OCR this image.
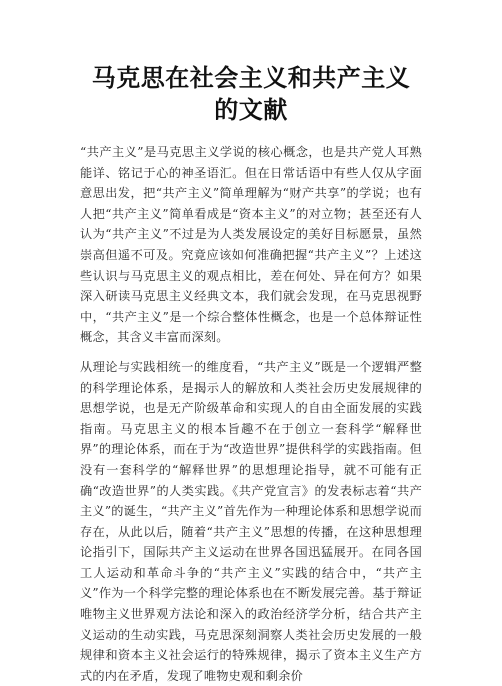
马克思在社会主义和共产主义的文献

“共产主义”是马克思主义学说的核心概念，也是共产党人耳熟能详、铭记于心的神圣语汇。但在日常话语中有些人仅从字面意思出发，把“共产主义”简单理解为“财产共享”的学说；也有人把“共产主义”简单看成是“资本主义”的对立物；甚至还有人认为“共产主义”不过是为人类发展设定的美好目标愿景，虽然崇高但遥不可及。究竟应该如何准确把握“共产主义”？上述这些认识与马克思主义的观点相比，差在何处、异在何方？如果深入研读马克思主义经典文本，我们就会发现，在马克思视野中，“共产主义”是一个综合整体性概念，也是一个总体辩证性概念，其含义丰富而深刻。

从理论与实践相统一的维度看，“共产主义”既是一个逻辑严整的科学理论体系，是揭示人的解放和人类社会历史发展规律的思想学说，也是无产阶级革命和实现人的自由全面发展的实践指南。马克思主义的根本旨趣不在于创立一套科学“解释世界”的理论体系，而在于为“改造世界”提供科学的实践指南。但没有一套科学的“解释世界”的思想理论指导，就不可能有正确“改造世界”的人类实践。《共产党宣言》的发表标志着“共产主义”的诞生，“共产主义”首先作为一种理论体系和思想学说而存在，从此以后，随着“共产主义”思想的传播，在这种思想理论指引下，国际共产主义运动在世界各国迅猛展开。在同各国工人运动和革命斗争的“共产主义”实践的结合中，“共产主义”作为一个科学完整的理论体系也在不断发展完善。基于辩证唯物主义世界观方法论和深入的政治经济学分析，结合共产主义运动的生动实践，马克思深刻洞察人类社会历史发展的一般规律和资本主义社会运行的特殊规律，揭示了资本主义生产方式的内在矛盾，发现了唯物史观和剩余价
